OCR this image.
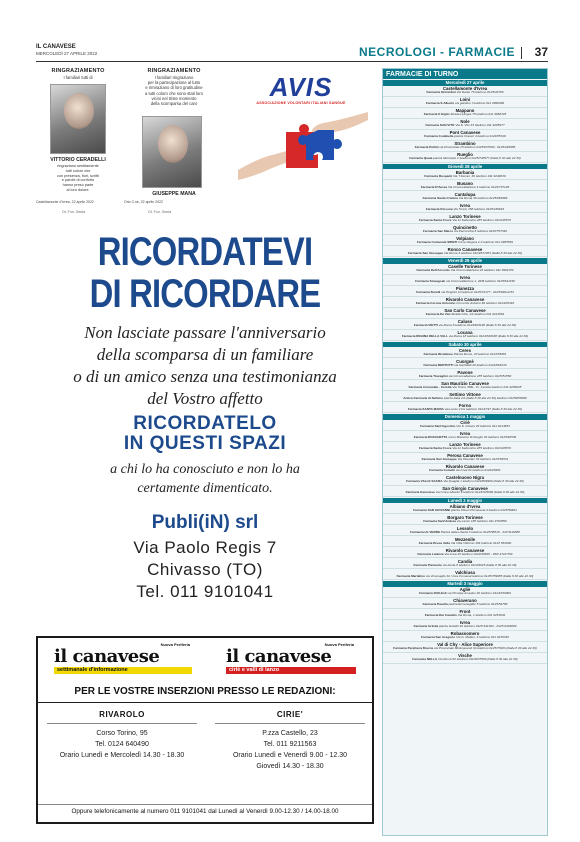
IL CANAVESE
MERCOLEDÌ 27 APRILE 2022	NECROLOGI - FARMACIE	37
RINGRAZIAMENTO
I familiari tutti di
VITTORIO CERADELLI
ringraziano sentitamente
tutti coloro che
con presenza, fiori, scritti
e parole di conforto
hanno preso parte
al loro dolore.
Castellamonte d'Ivrea, 22 aprile 2022
Ot. Fun. Genta
RINGRAZIAMENTO
I familiari ringraziano
per la partecipazione al lutto
e rimiraziano di loro gratitudine
a tutti coloro che sono stati loro
vicini nel triste momento
della scomparsa del caro
GIUSEPPE MANA
Orio C.se, 22 aprile 2022
Ot. Fun. Genta
AVIS
ASSOCIAZIONE VOLONTARI ITALIANI SANGUE
RICORDATEVI
DI RICORDARE
Non lasciate passare l'anniversario
della scomparsa di un familiare
o di un amico senza una testimonianza
del Vostro affetto
RICORDATELO
IN QUESTI SPAZI
a chi lo ha conosciuto e non lo ha
certamente dimenticato.
Publi(iN) srl
Via Paolo Regis 7
Chivasso (TO)
Tel. 011 9101041
Nuova Periferia
il canavese
settimanale d'informazione
Nuova Periferia
il canavese
ciriè e valli di lanzo
PER LE VOSTRE INSERZIONI PRESSO LE REDAZIONI:
RIVAROLO
Corso Torino, 95
Tel. 0124 640490
Orario Lunedì e Mercoledì 14.30 - 18.30
CIRIE'
P.zza Castello, 23
Tel. 011 9211563
Orario Lunedì e Venerdì 9.00 - 12.30
Giovedì 14.30 - 18.30
Oppure telefonicamente al numero 011 9101041 dal Lunedì al Venerdì 9.00-12.30 / 14.00-18.00
FARMACIE DI TURNO
Mercoledì 27 aprile
Castellamonte d'Ivrea
Farmacia Ghirardini Via Dante 70 telefono 0125/44700
Loini
Farmacia S.Alberto via giardino 3 telefono 011 9996999
Mappano
Farmacia Il Giglio Strada Leinigra 78 telefono 011 9968728
Nole
Farmacia SAN VITO Via S. Vito 33 telefono 011 9295977
Pont Canavese
Farmacia Codebelle piazza Craveri 4 telefono 0124/85316
Strambino
Farmacia Pollini via Provinciale 15 telefono 0125/637990 - 0125/449888
Rueglio
Farmacia Quaia piazza Municipio 1 telefono 0125/748577 (Dalle 8.30 alle 22.30)
Giovedì 28 aprile
Barbania
Farmacia Ruspanti Via T.Ferrari, 36 telefono 011 9240030
Busano
Farmacia D'Aurea Via Circonvallazione 4 telefono 0124/737148
Cantalupa
Farmacia Santa Cristina Via Roma 36 telefono 0125/669966
Ivrea
Farmacia Persona Via Torino 158 telefono 0125/239618
Lanzo Torinese
Farmacia Santa Croce Via 11 Settembre 285 telefono 0123/28872
Quincinetto
Farmacia San Marco via Parrocchia 8 telefono 0125/757340
Volpiano
Farmacia Comunale SIBETI Corso Regina 2-3 telefono 011 9985599
Ronco Canavese
Farmacia San Giuseppe Via Roma 4 telefono 0124/817283 (Dalle 8.30 alle 22.30)
Venerdì 29 aprile
Caselle Torinese
Farmacia Dell'Accordo Via Circonvallazione 24 telefono 011 9961150
Ivrea
Farmacia Smeagoeli via Circonvallazione 1, 26/B telefono 0125/641150
Pianezza
Farmacia Burelli via Pinghini 10 telefono 0125/72177 - 0125/64012/33
Rivarolo Canavese
Farmacia Corona Antonino Corso Re Arduino 66 telefono 0124/28318
San Carlo Canavese
Farmacia De Zan Strada Ciriè, 1/b telefono 011 9213881
Caluso
Farmacia VIETTI via Roma 8 telefono 0124/601190 (Dalle 8.30 alle 22.30)
Locana
Farmacia REGINA DELLA VALL via Roma 18 telefono 0124/818168 (Dalle 8.30 alle 22.30)
Sabato 30 aprile
Ceres
Farmacia Ricaldone Piazza Rumo, 20 telefono 0123/53681
Cuorgnè
Farmacia BERTOTTI via Garibaldi 20 telefono 0124/661810
Pavone
Farmacia Travaglini via Circonvallazione 185 telefono 0125/51550
San Maurizio Canavese
Farmacia Comunale - Ceretta Via Torino 38/E - Fr. Ceretta telefono 011 9289045
Settimo Vittone
Antica Farmacia di Settimo piazza Italia 1/b (dalle 8.30 alle 22.30) telefono 0125/658090
Forno
Farmacia SANTA MARIA via Lanzo 2 bis telefono 0124/747 (Dalle 8.30 alle 22.30)
Domenica 1 maggio
Ciriè
Farmacia Sant'Agostino Via S. Ciriaco 29 telefono 011 9214653
Ivrea
Farmacia ROCCHETTA corso Massimo D'Azeglio 34 telefono 0125/40536
Lanzo Torinese
Farmacia Santa Croce Via 11 Settembre 285 telefono 0123/28872
Perosa Canavese
Farmacia San Giuseppe Via Oberdan 39 telefono 0125/54531
Rivarolo Canavese
Farmacia Comelli via Ivrea 61 telefono 0124/28451
Castelnuovo Nigra
Farmacia VALLE SACRA Via Quaglia 1 telefono 0124/809900 (Dalle 8.30 alle 22.30)
San Giorgio Canavese
Farmacia Genovese via Croce Albarini 6 telefono 0124/325096 (Dalle 8.30 alle 22.30)
Lunedì 2 maggio
Albiano d'Ivrea
Farmacia SAN GIOVANNI piazza Oliveri Primaverai 4 telefono 0125/59661
Borgaro Torinese
Farmacia Sant'Andrea via Lanzo 188 telefono 011 4703550
Lessolo
Farmacia LE VERDE Piazza della Libertà 3 telefono 0125/58816 - 347/1116888
Mezzenile
Farmacia Brusa Vella Via Vitta Vittorino 184 telefono 0123 581900
Rivarolo Canavese
Farmacia Latanza Via Ivrea 18 telefono 0124/28638 - 380/ 4724 554
Candia
Farmacia Piemonte via Aosta 8 telefono 0124/4025 (Dalle 8.30 alle 22.30)
Valchiusa
Farmacia Martalino via Vicomaglio 32 / loca Comanal telefono 0125/789085 (Dalle 8.30 alle 22.30)
Martedì 3 maggio
Agliè
Farmacia DUGALE via Principe Amedeo 40 telefono 0124/330009
Chiaverano
Farmacia Pasella piazza Ermenegildo 5 telefono 0125/54788
Front
Farmacia Del Castello Via Roma, 1 telefono 011 9251632
Ivrea
Farmacia Grinda piazza Gobetti 10 telefono 0125 641302 - 0125 6449899
Robassomero
Farmacia San Gregorio Via G. Matteo, 4 telefono 011 9235339
Val di Chy - Alice Superiore
Farmacia Perphiera Bracca via Provinciale 66/Acquaroli 3A telefono 0125/78203 (Dalle 8.30 alle 22.30)
Vische
Farmacia NELLA Via Roma 52 telefono 011/9837809 (Dalle 8.30 alle 22.30)
